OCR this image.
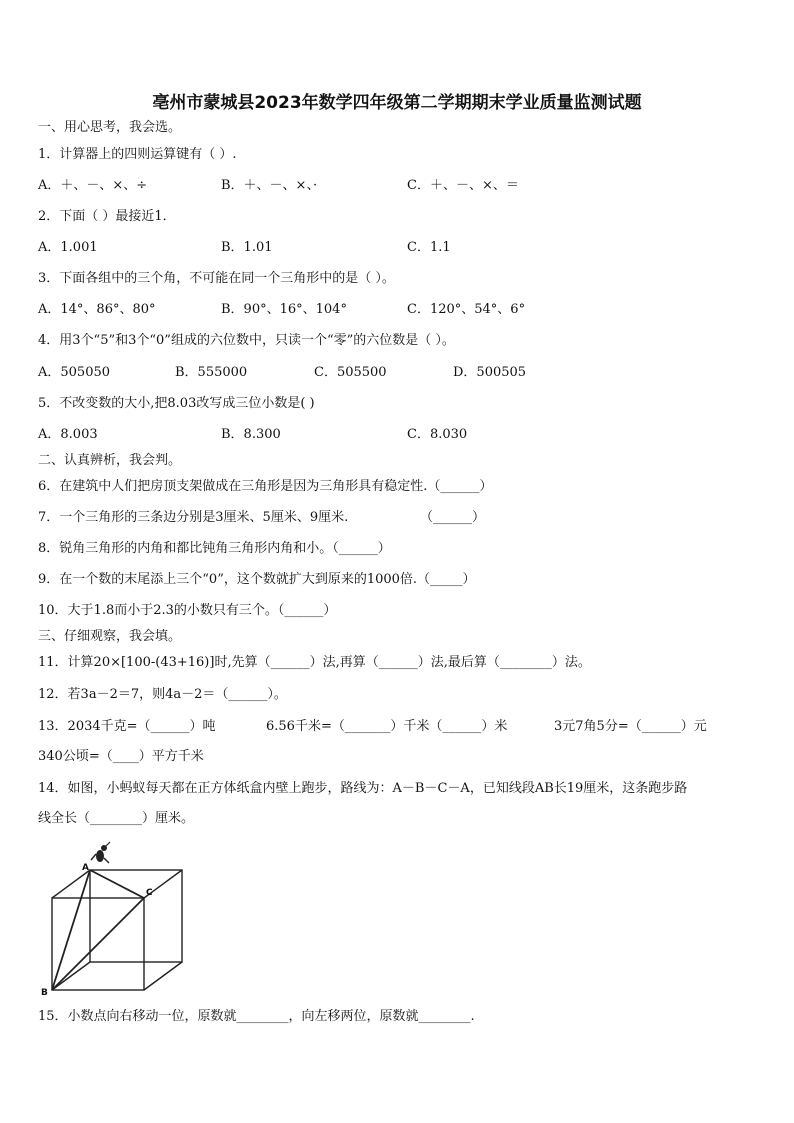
亳州市蒙城县2023年数学四年级第二学期期末学业质量监测试题
一、用心思考，我会选。
1．计算器上的四则运算键有（ ）.
A．＋、－、×、÷	B．＋、－、×、·	C．＋、－、×、＝
2．下面（ ）最接近1．
A．1.001	B．1.01	C．1.1
3．下面各组中的三个角，不可能在同一个三角形中的是（ ）。
A．14°、86°、80°	B．90°、16°、104°	C．120°、54°、6°
4．用3个“5”和3个“0”组成的六位数中，只读一个“零”的六位数是（ ）。
A．505050	B．555000	C．505500	D．500505
5．不改变数的大小,把8.03改写成三位小数是( )
A．8.003	B．8.300	C．8.030
二、认真辨析，我会判。
6．在建筑中人们把房顶支架做成在三角形是因为三角形具有稳定性.（______）
7．一个三角形的三条边分别是3厘米、5厘米、9厘米.	（______）
8．锐角三角形的内角和都比钝角三角形内角和小。（______）
9．在一个数的末尾添上三个“0”，这个数就扩大到原来的1000倍.（_____）
10．大于1.8而小于2.3的小数只有三个。（______）
三、仔细观察，我会填。
11．计算20×[100-(43+16)]时,先算（______）法,再算（______）法,最后算（________）法。
12．若3a－2＝7，则4a－2＝（______）。
13．2034千克=（______）吨	6.56千米=（_______）千米（______）米	3元7角5分=（______）元
340公顷=（____）平方千米
14．如图，小蚂蚁每天都在正方体纸盒内壁上跑步，路线为：A－B－C－A，已知线段AB长19厘米，这条跑步路
线全长（________）厘米。
A
B
C
15．小数点向右移动一位，原数就________，向左移两位，原数就________.
